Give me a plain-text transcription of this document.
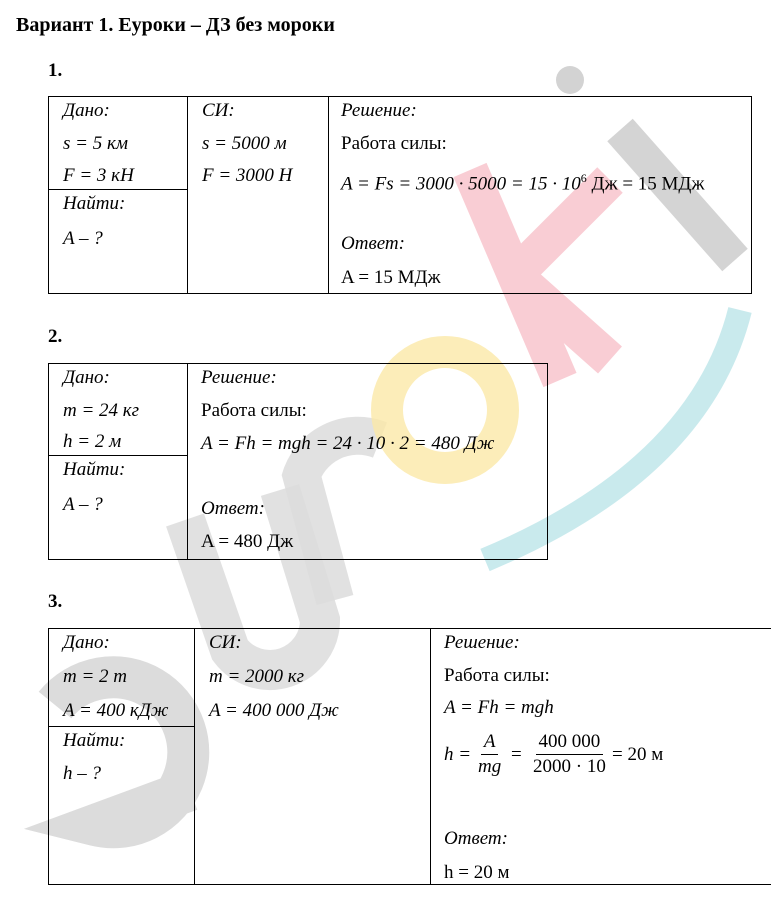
Вариант 1. Еуроки – ДЗ без мороки
1.
Дано:
s = 5 км
F = 3 кН
Найти:
A – ?
СИ:
s = 5000 м
F = 3000 Н
Решение:
Работа силы:
$A = Fs = 3000 \cdot 5000 = 15 \cdot 10^6$ Дж = 15 МДж
Ответ:
A = 15 МДж
2.
Дано:
m = 24 кг
h = 2 м
Найти:
A – ?
Решение:
Работа силы:
A = Fh = mgh = 24 · 10 · 2 = 480 Дж
Ответ:
A = 480 Дж
3.
Дано:
m = 2 т
A = 400 кДж
Найти:
h – ?
СИ:
m = 2000 кг
A = 400 000 Дж
Решение:
Работа силы:
A = Fh = mgh
$h = \frac{A}{mg} = \frac{400 000}{2000 \cdot 10} = 20$ м
Ответ:
h = 20 м
